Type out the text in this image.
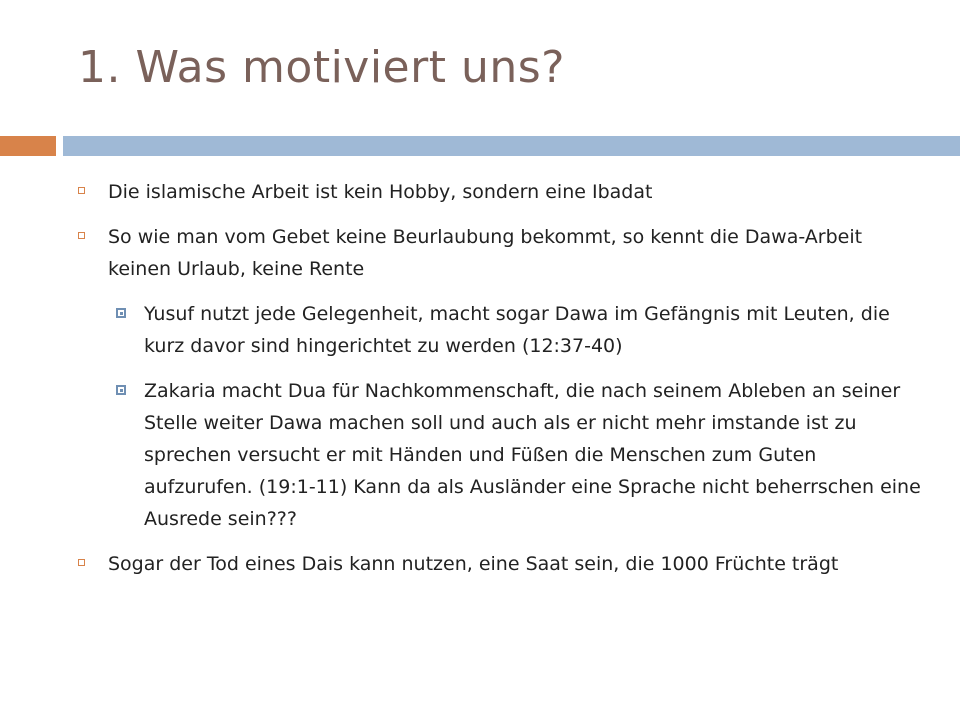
1. Was motiviert uns?
Die islamische Arbeit ist kein Hobby, sondern eine Ibadat
So wie man vom Gebet keine Beurlaubung bekommt, so kennt die Dawa-Arbeit keinen Urlaub, keine Rente
Yusuf nutzt jede Gelegenheit, macht sogar Dawa im Gefängnis mit Leuten, die kurz davor sind hingerichtet zu werden (12:37-40)
Zakaria macht Dua für Nachkommenschaft, die nach seinem Ableben an seiner Stelle weiter Dawa machen soll und auch als er nicht mehr imstande ist zu sprechen versucht er mit Händen und Füßen die Menschen zum Guten aufzurufen. (19:1-11) Kann da als Ausländer eine Sprache nicht beherrschen eine Ausrede sein???
Sogar der Tod eines Dais kann nutzen, eine Saat sein, die 1000 Früchte trägt
